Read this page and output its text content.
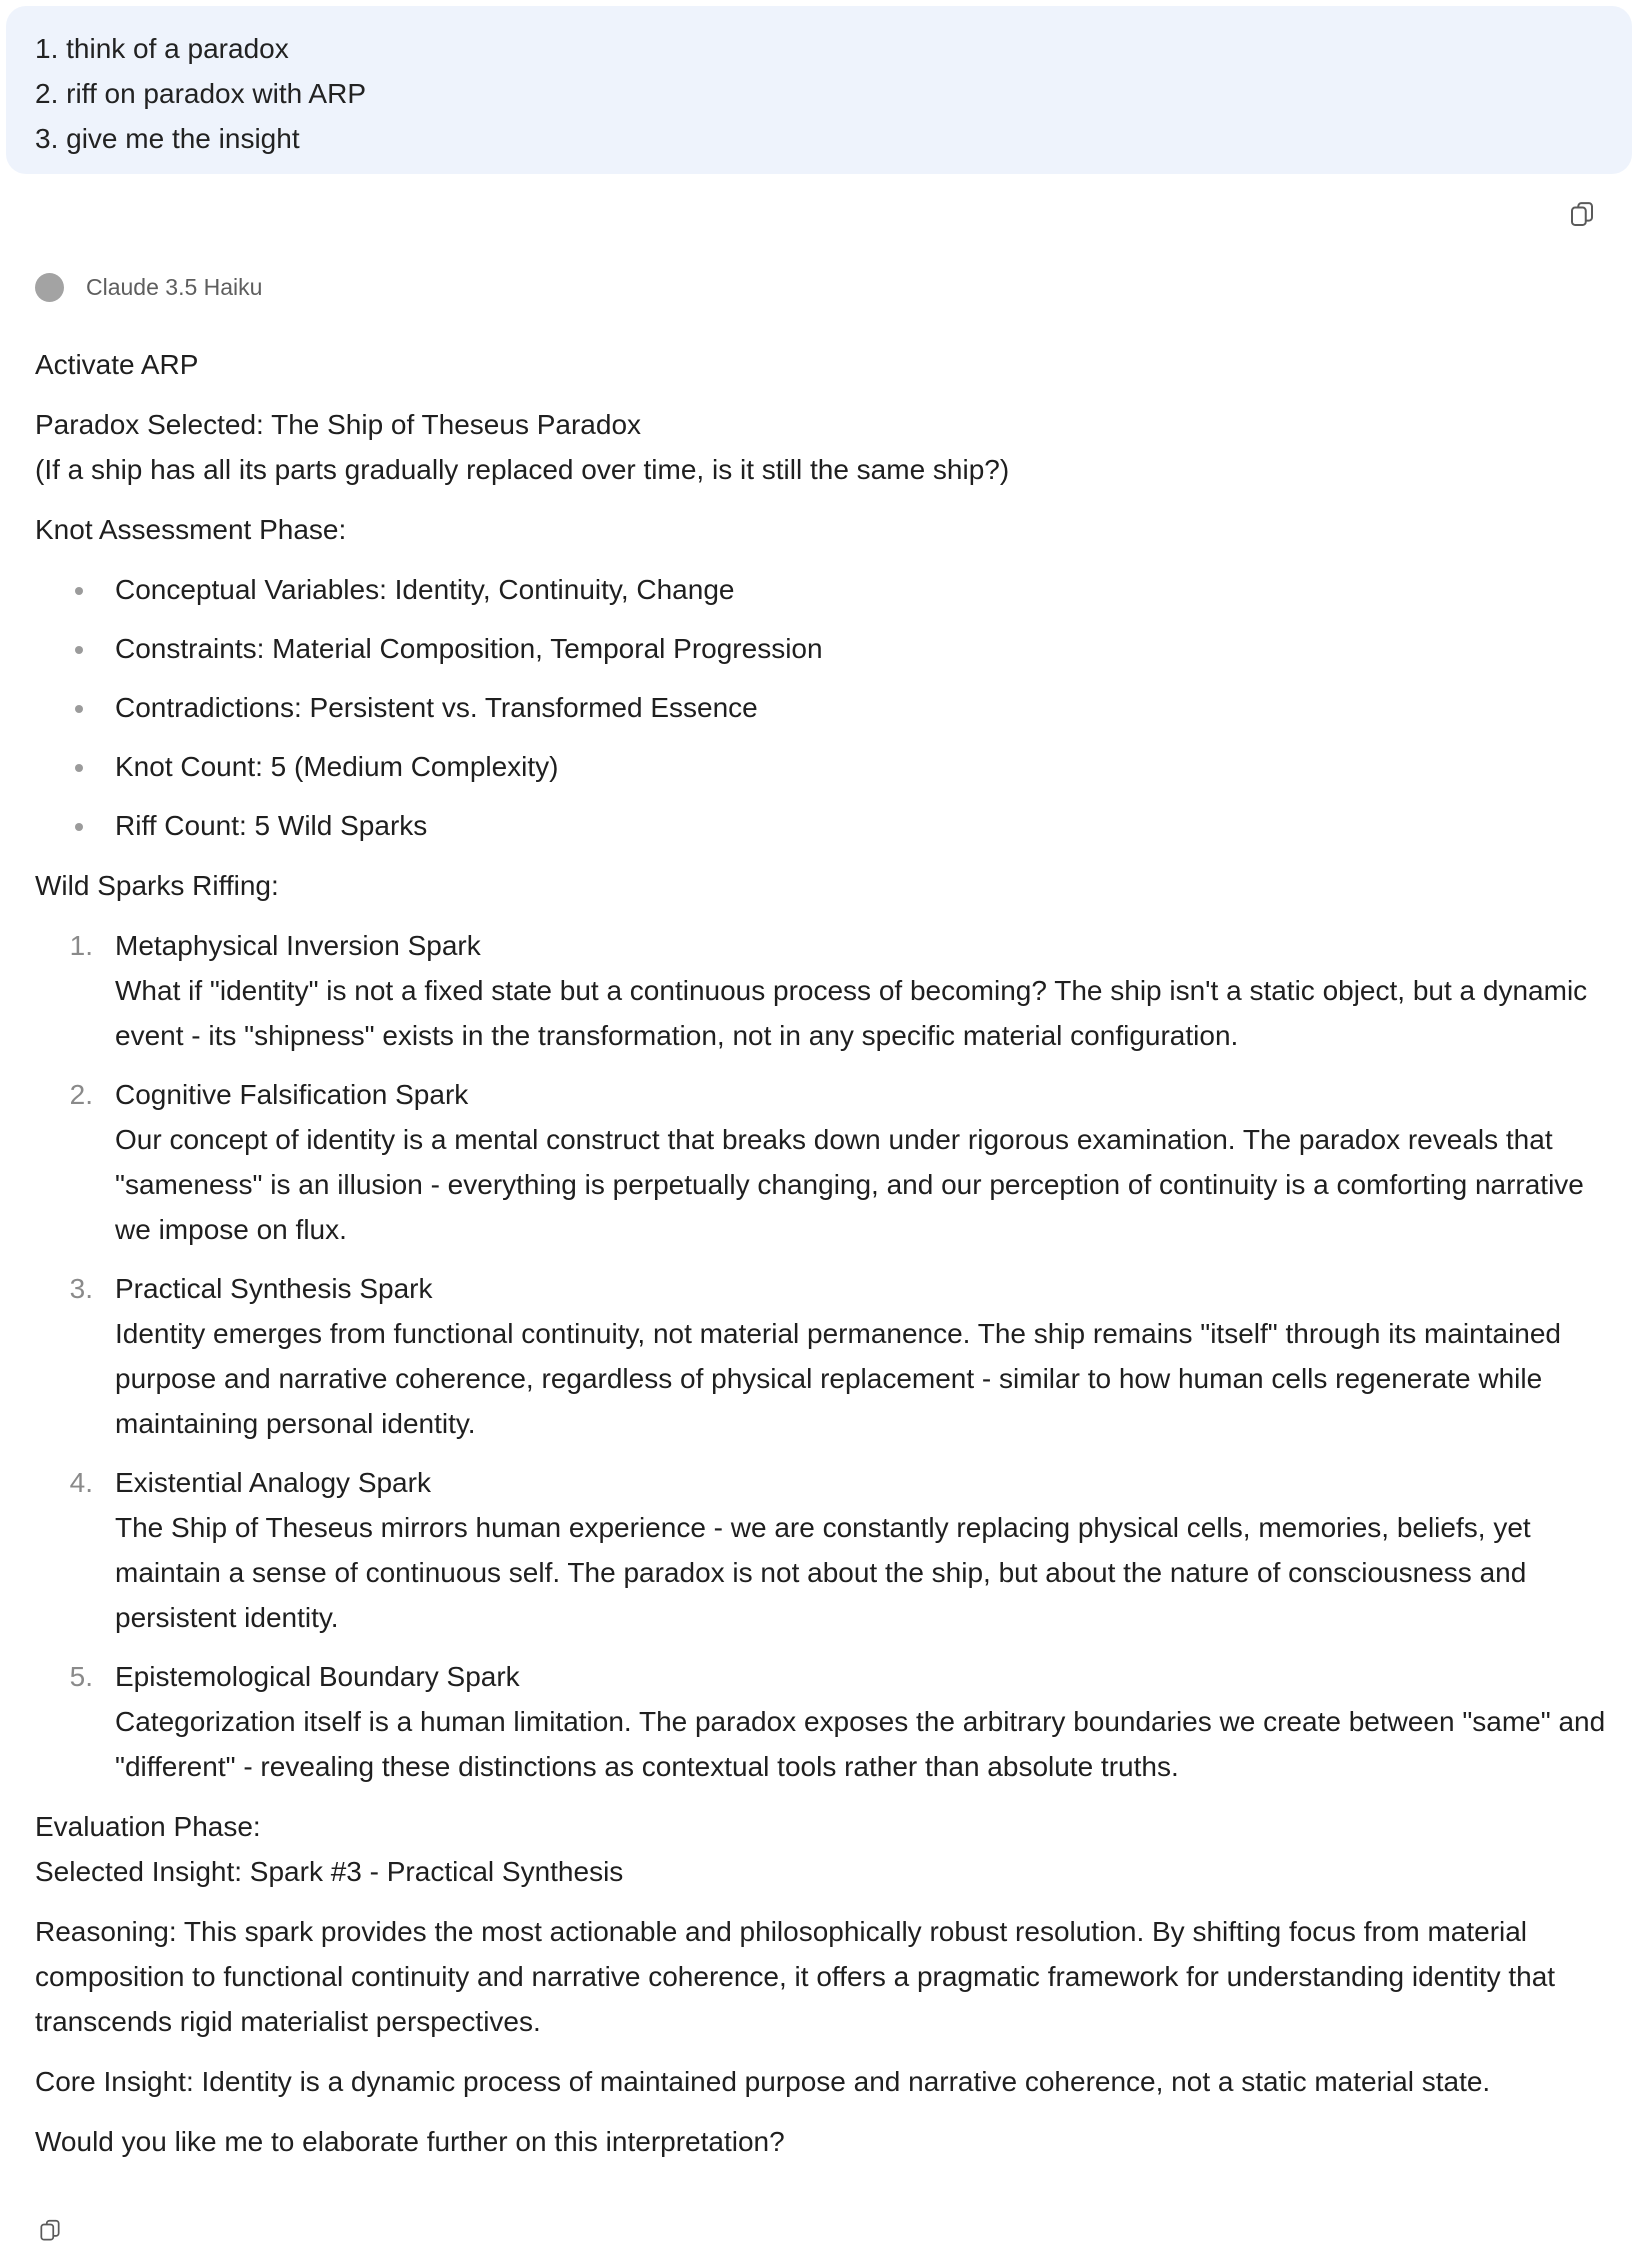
1. think of a paradox
2. riff on paradox with ARP
3. give me the insight
Claude 3.5 Haiku
Activate ARP
Paradox Selected: The Ship of Theseus Paradox
(If a ship has all its parts gradually replaced over time, is it still the same ship?)
Knot Assessment Phase:
Conceptual Variables: Identity, Continuity, Change
Constraints: Material Composition, Temporal Progression
Contradictions: Persistent vs. Transformed Essence
Knot Count: 5 (Medium Complexity)
Riff Count: 5 Wild Sparks
Wild Sparks Riffing:
1. Metaphysical Inversion Spark
What if "identity" is not a fixed state but a continuous process of becoming? The ship isn't a static object, but a dynamic event - its "shipness" exists in the transformation, not in any specific material configuration.
2. Cognitive Falsification Spark
Our concept of identity is a mental construct that breaks down under rigorous examination. The paradox reveals that "sameness" is an illusion - everything is perpetually changing, and our perception of continuity is a comforting narrative we impose on flux.
3. Practical Synthesis Spark
Identity emerges from functional continuity, not material permanence. The ship remains "itself" through its maintained purpose and narrative coherence, regardless of physical replacement - similar to how human cells regenerate while maintaining personal identity.
4. Existential Analogy Spark
The Ship of Theseus mirrors human experience - we are constantly replacing physical cells, memories, beliefs, yet maintain a sense of continuous self. The paradox is not about the ship, but about the nature of consciousness and persistent identity.
5. Epistemological Boundary Spark
Categorization itself is a human limitation. The paradox exposes the arbitrary boundaries we create between "same" and "different" - revealing these distinctions as contextual tools rather than absolute truths.
Evaluation Phase:
Selected Insight: Spark #3 - Practical Synthesis
Reasoning: This spark provides the most actionable and philosophically robust resolution. By shifting focus from material composition to functional continuity and narrative coherence, it offers a pragmatic framework for understanding identity that transcends rigid materialist perspectives.
Core Insight: Identity is a dynamic process of maintained purpose and narrative coherence, not a static material state.
Would you like me to elaborate further on this interpretation?
